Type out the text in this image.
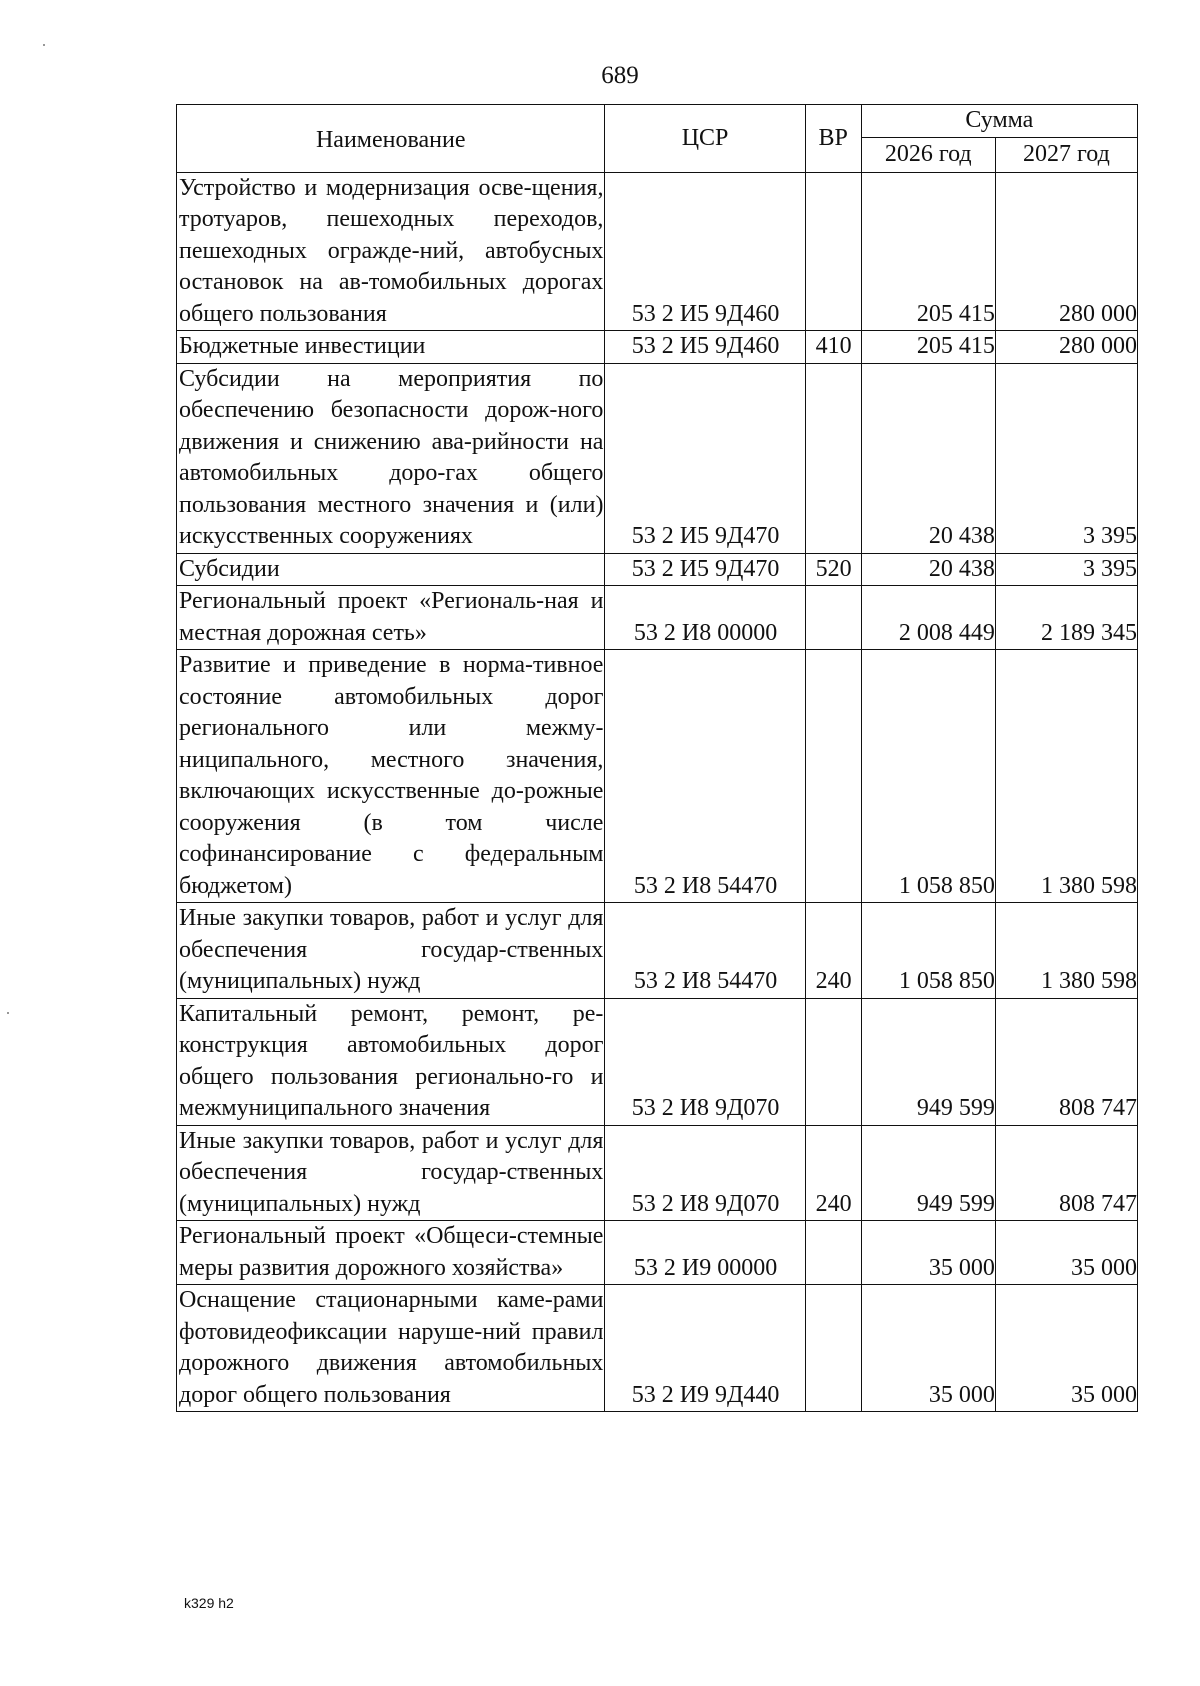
689
Наименование	ЦСР	ВР	Сумма	
			2026 год	2027 год
Устройство и модернизация осве-щения, тротуаров, пешеходных переходов, пешеходных огражде-ний, автобусных остановок на ав-томобильных дорогах общего пользования	53 2 И5 9Д460		205 415	280 000
Бюджетные инвестиции	53 2 И5 9Д460	410	205 415	280 000
Субсидии на мероприятия по обеспечению безопасности дорож-ного движения и снижению ава-рийности на автомобильных доро-гах общего пользования местного значения и (или) искусственных сооружениях	53 2 И5 9Д470		20 438	3 395
Субсидии	53 2 И5 9Д470	520	20 438	3 395
Региональный проект «Региональ-ная и местная дорожная сеть»	53 2 И8 00000		2 008 449	2 189 345
Развитие и приведение в норма-тивное состояние автомобильных дорог регионального или межму-ниципального, местного значения, включающих искусственные до-рожные сооружения (в том числе софинансирование с федеральным бюджетом)	53 2 И8 54470		1 058 850	1 380 598
Иные закупки товаров, работ и услуг для обеспечения государ-ственных (муниципальных) нужд	53 2 И8 54470	240	1 058 850	1 380 598
Капитальный ремонт, ремонт, ре-конструкция автомобильных дорог общего пользования регионально-го и межмуниципального значения	53 2 И8 9Д070		949 599	808 747
Иные закупки товаров, работ и услуг для обеспечения государ-ственных (муниципальных) нужд	53 2 И8 9Д070	240	949 599	808 747
Региональный проект «Общеси-стемные меры развития дорожного хозяйства»	53 2 И9 00000		35 000	35 000
Оснащение стационарными каме-рами фотовидеофиксации наруше-ний правил дорожного движения автомобильных дорог общего пользования	53 2 И9 9Д440		35 000	35 000
k329 h2
